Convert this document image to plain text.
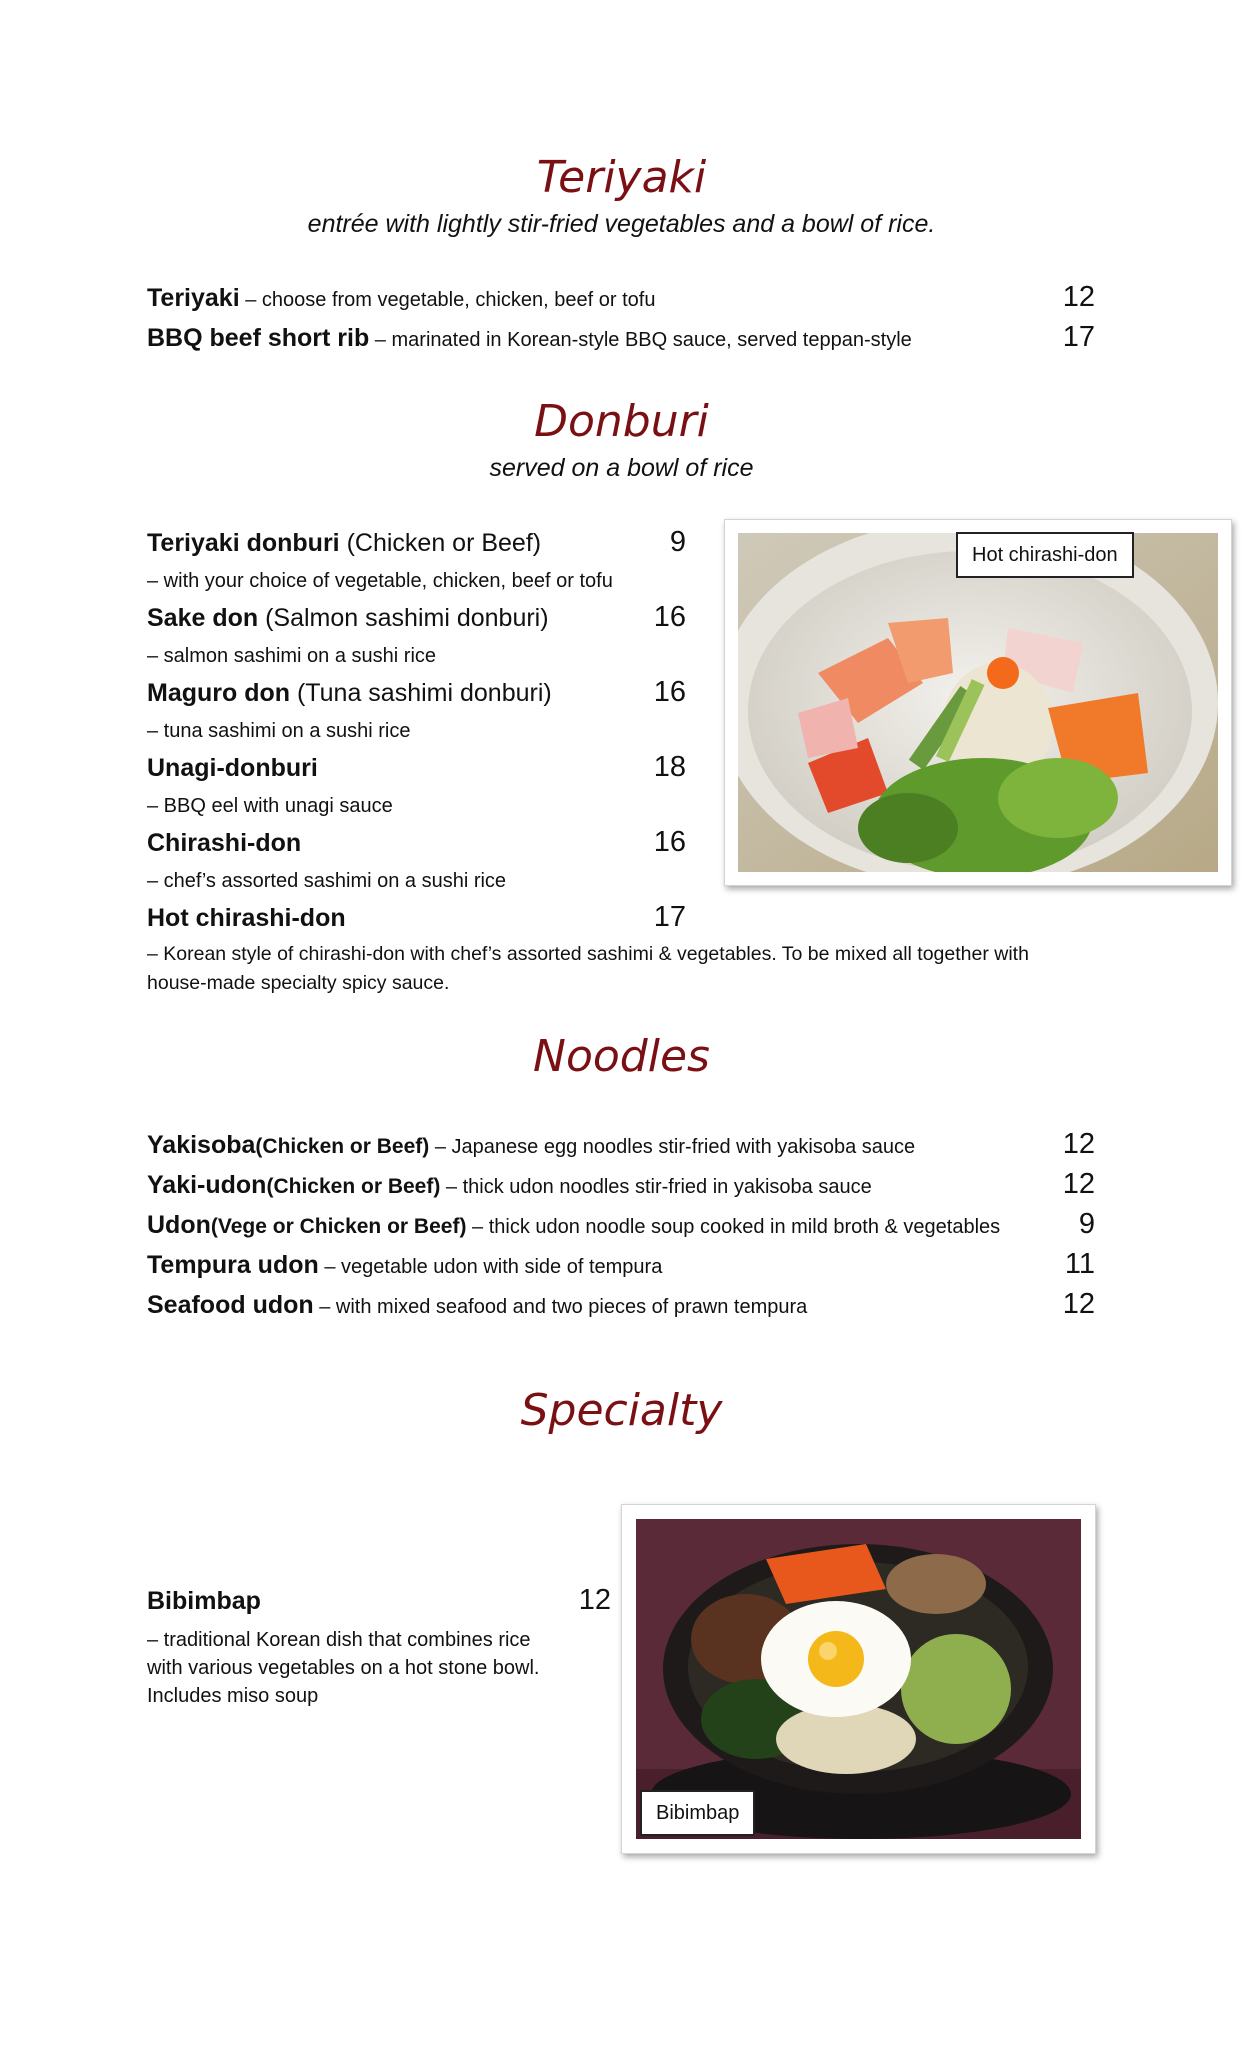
Teriyaki
entrée with lightly stir-fried vegetables and a bowl of rice.
Teriyaki – choose from vegetable, chicken, beef or tofu	12
BBQ beef short rib – marinated in Korean-style BBQ sauce, served teppan-style	17
Donburi
served on a bowl of rice
Teriyaki donburi (Chicken or Beef)	9
– with your choice of vegetable, chicken, beef or tofu
Sake don (Salmon sashimi donburi)	16
– salmon sashimi on a sushi rice
Maguro don (Tuna sashimi donburi)	16
– tuna sashimi on a sushi rice
Unagi-donburi	18
– BBQ eel with unagi sauce
Chirashi-don	16
– chef’s assorted sashimi on a sushi rice
Hot chirashi-don	17
– Korean style of chirashi-don with chef’s assorted sashimi & vegetables. To be mixed all together with
house-made specialty spicy sauce.
Hot chirashi-don
Noodles
Yakisoba(Chicken or Beef) – Japanese egg noodles stir-fried with yakisoba sauce	12
Yaki-udon(Chicken or Beef) – thick udon noodles stir-fried in yakisoba sauce	12
Udon(Vege or Chicken or Beef) – thick udon noodle soup cooked in mild broth & vegetables	9
Tempura udon – vegetable udon with side of tempura	11
Seafood udon – with mixed seafood and two pieces of prawn tempura	12
Specialty
Bibimbap	12
– traditional Korean dish that combines rice
with various vegetables on a hot stone bowl.
Includes miso soup
Bibimbap
